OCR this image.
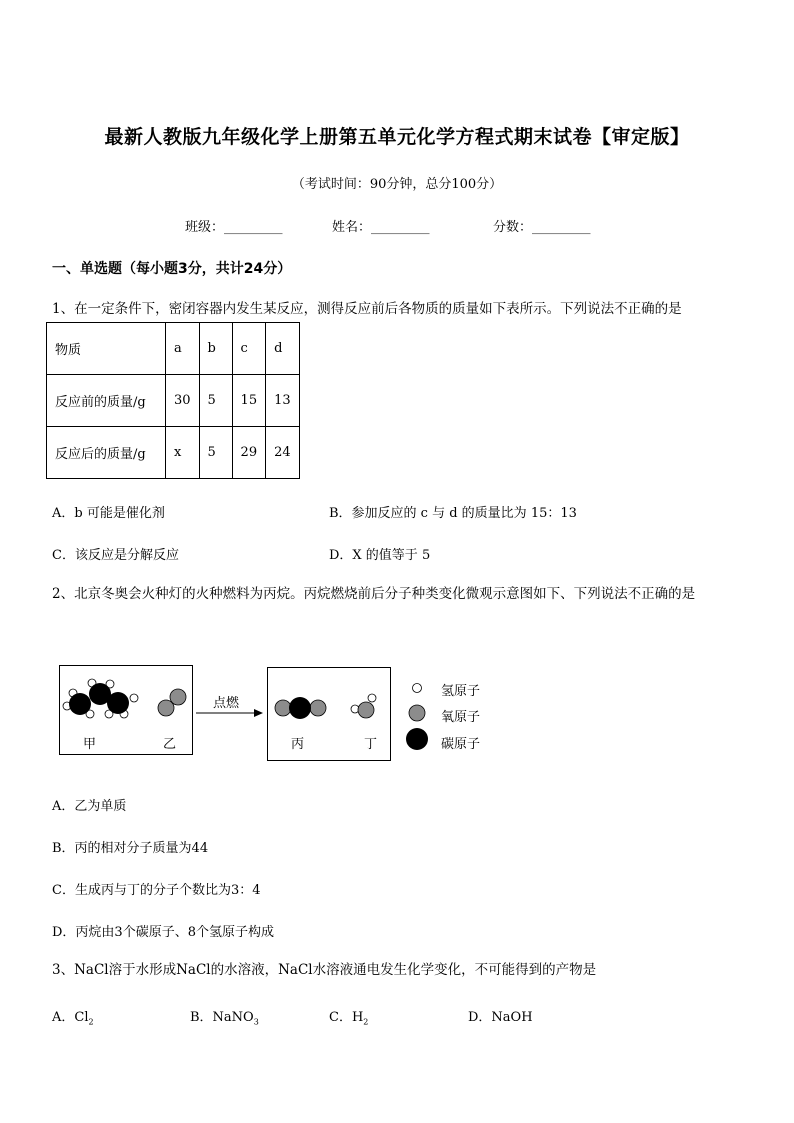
最新人教版九年级化学上册第五单元化学方程式期末试卷【审定版】
（考试时间：90分钟，总分100分）
班级：_________	姓名：_________	分数：_________
一、单选题（每小题3分，共计24分）
1、在一定条件下，密闭容器内发生某反应，测得反应前后各物质的质量如下表所示。下列说法不正确的是
物质	a	b	c	d
反应前的质量/g	30	5	15	13
反应后的质量/g	x	5	29	24
A．b 可能是催化剂	B．参加反应的 c 与 d 的质量比为 15：13
C．该反应是分解反应	D．X 的值等于 5
2、北京冬奥会火种灯的火种燃料为丙烷。丙烷燃烧前后分子种类变化微观示意图如下、下列说法不正确的是
点燃
甲	乙	丙	丁
氢原子
氧原子
碳原子
A．乙为单质
B．丙的相对分子质量为44
C．生成丙与丁的分子个数比为3：4
D．丙烷由3个碳原子、8个氢原子构成
3、NaCl溶于水形成NaCl的水溶液，NaCl水溶液通电发生化学变化，不可能得到的产物是
A．$Cl_2$	B．NaNO$_3$	C．$H_2$	D．NaOH
